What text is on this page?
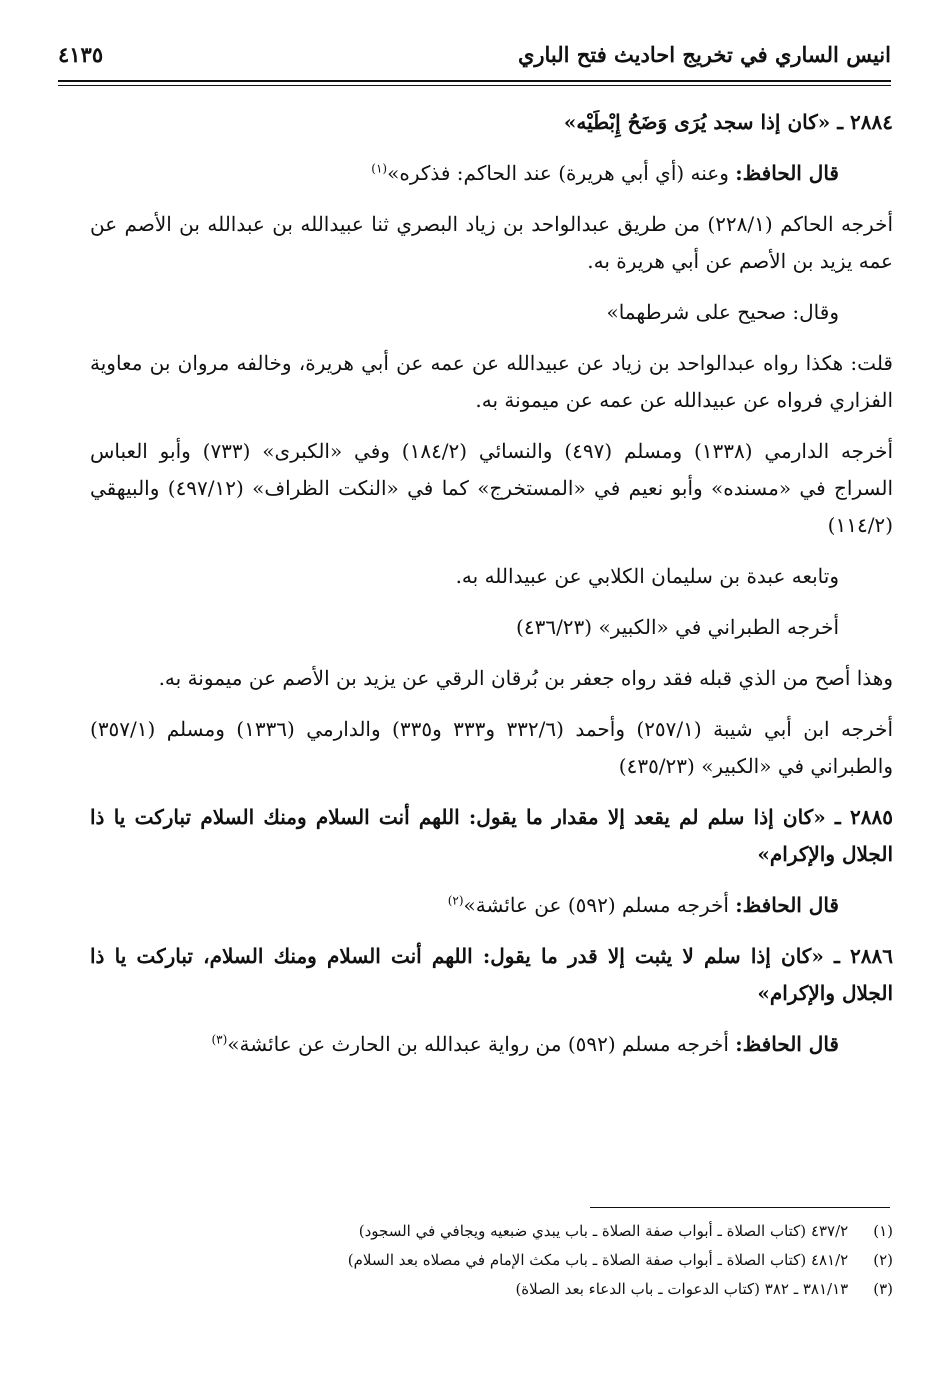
انيس الساري في تخريج احاديث فتح الباري
٤١٣٥

٢٨٨٤ ـ «كان إذا سجد يُرَى وَضَحُ إِبْطَيْه»

قال الحافظ: وعنه (أي أبي هريرة) عند الحاكم: فذكره»$^{(١)}$

أخرجه الحاكم (٢٢٨/١) من طريق عبدالواحد بن زياد البصري ثنا عبيدالله بن عبدالله بن الأصم عن عمه يزيد بن الأصم عن أبي هريرة به.

وقال: صحيح على شرطهما»

قلت: هكذا رواه عبدالواحد بن زياد عن عبيدالله عن عمه عن أبي هريرة، وخالفه مروان بن معاوية الفزاري فرواه عن عبيدالله عن عمه عن ميمونة به.

أخرجه الدارمي (١٣٣٨) ومسلم (٤٩٧) والنسائي (١٨٤/٢) وفي «الكبرى» (٧٣٣) وأبو العباس السراج في «مسنده» وأبو نعيم في «المستخرج» كما في «النكت الظراف» (٤٩٧/١٢) والبيهقي (١١٤/٢)

وتابعه عبدة بن سليمان الكلابي عن عبيدالله به.

أخرجه الطبراني في «الكبير» (٤٣٦/٢٣)

وهذا أصح من الذي قبله فقد رواه جعفر بن بُرقان الرقي عن يزيد بن الأصم عن ميمونة به.

أخرجه ابن أبي شيبة (٢٥٧/١) وأحمد (٣٣٢/٦ و٣٣٣ و٣٣٥) والدارمي (١٣٣٦) ومسلم (٣٥٧/١) والطبراني في «الكبير» (٤٣٥/٢٣)

٢٨٨٥ ـ «كان إذا سلم لم يقعد إلا مقدار ما يقول: اللهم أنت السلام ومنك السلام تباركت يا ذا الجلال والإكرام»

قال الحافظ: أخرجه مسلم (٥٩٢) عن عائشة»$^{(٢)}$

٢٨٨٦ ـ «كان إذا سلم لا يثبت إلا قدر ما يقول: اللهم أنت السلام ومنك السلام، تباركت يا ذا الجلال والإكرام»

قال الحافظ: أخرجه مسلم (٥٩٢) من رواية عبدالله بن الحارث عن عائشة»$^{(٣)}$

(١) ٤٣٧/٢ (كتاب الصلاة ـ أبواب صفة الصلاة ـ باب يبدي ضبعيه ويجافي في السجود)
(٢) ٤٨١/٢ (كتاب الصلاة ـ أبواب صفة الصلاة ـ باب مكث الإمام في مصلاه بعد السلام)
(٣) ٣٨١/١٣ ـ ٣٨٢ (كتاب الدعوات ـ باب الدعاء بعد الصلاة)
